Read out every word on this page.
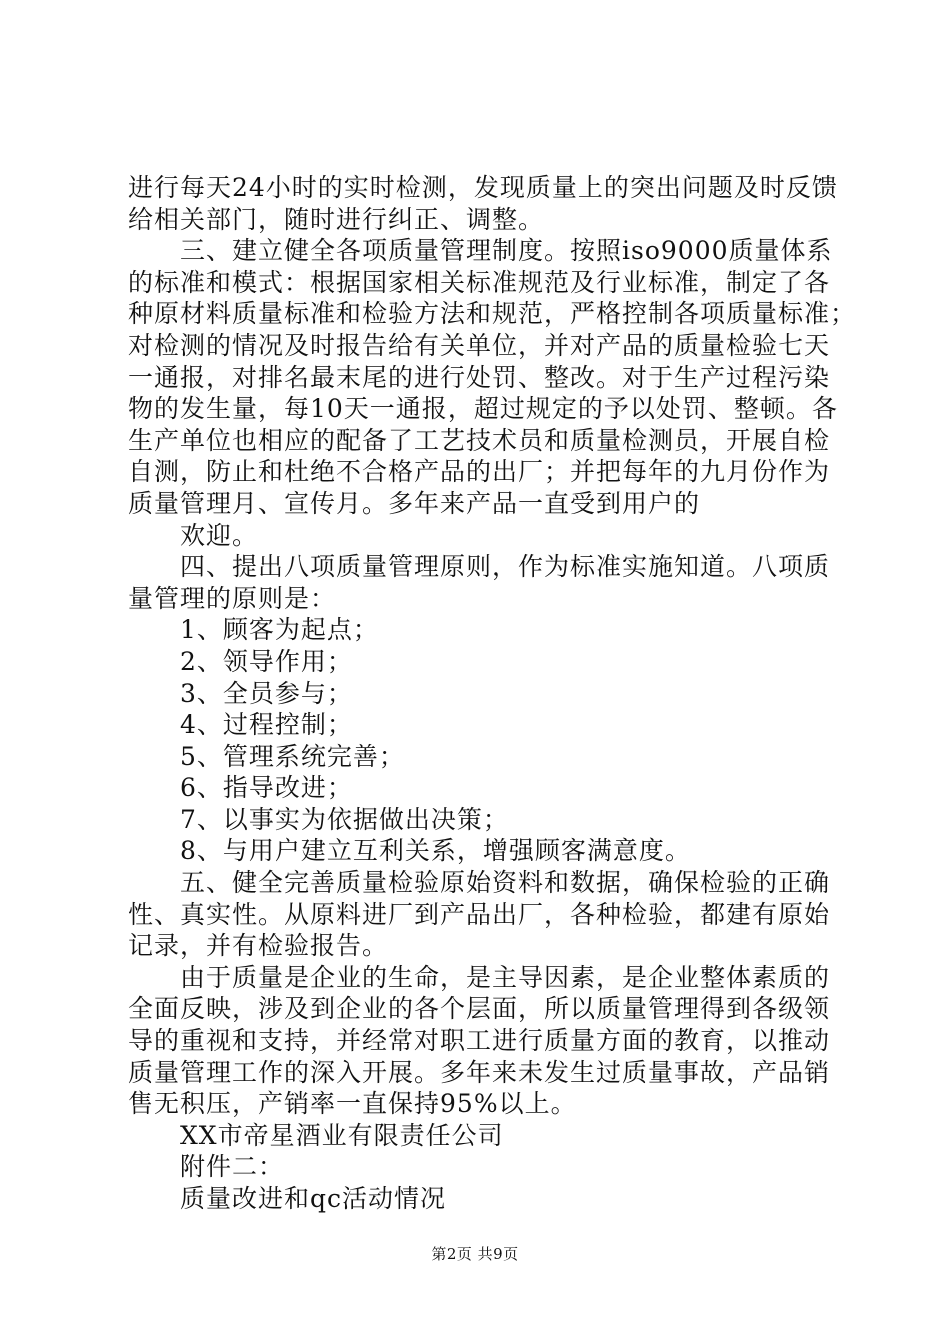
进行每天24小时的实时检测，发现质量上的突出问题及时反馈
给相关部门，随时进行纠正、调整。
三、建立健全各项质量管理制度。按照iso9000质量体系
的标准和模式：根据国家相关标准规范及行业标准，制定了各
种原材料质量标准和检验方法和规范，严格控制各项质量标准；
对检测的情况及时报告给有关单位，并对产品的质量检验七天
一通报，对排名最末尾的进行处罚、整改。对于生产过程污染
物的发生量，每10天一通报，超过规定的予以处罚、整顿。各
生产单位也相应的配备了工艺技术员和质量检测员，开展自检
自测，防止和杜绝不合格产品的出厂；并把每年的九月份作为
质量管理月、宣传月。多年来产品一直受到用户的
欢迎。
四、提出八项质量管理原则，作为标准实施知道。八项质
量管理的原则是：
1、顾客为起点；
2、领导作用；
3、全员参与；
4、过程控制；
5、管理系统完善；
6、指导改进；
7、以事实为依据做出决策；
8、与用户建立互利关系，增强顾客满意度。
五、健全完善质量检验原始资料和数据，确保检验的正确
性、真实性。从原料进厂到产品出厂，各种检验，都建有原始
记录，并有检验报告。
由于质量是企业的生命，是主导因素，是企业整体素质的
全面反映，涉及到企业的各个层面，所以质量管理得到各级领
导的重视和支持，并经常对职工进行质量方面的教育，以推动
质量管理工作的深入开展。多年来未发生过质量事故，产品销
售无积压，产销率一直保持95%以上。
XX市帝星酒业有限责任公司
附件二：
质量改进和qc活动情况
第2页 共9页
